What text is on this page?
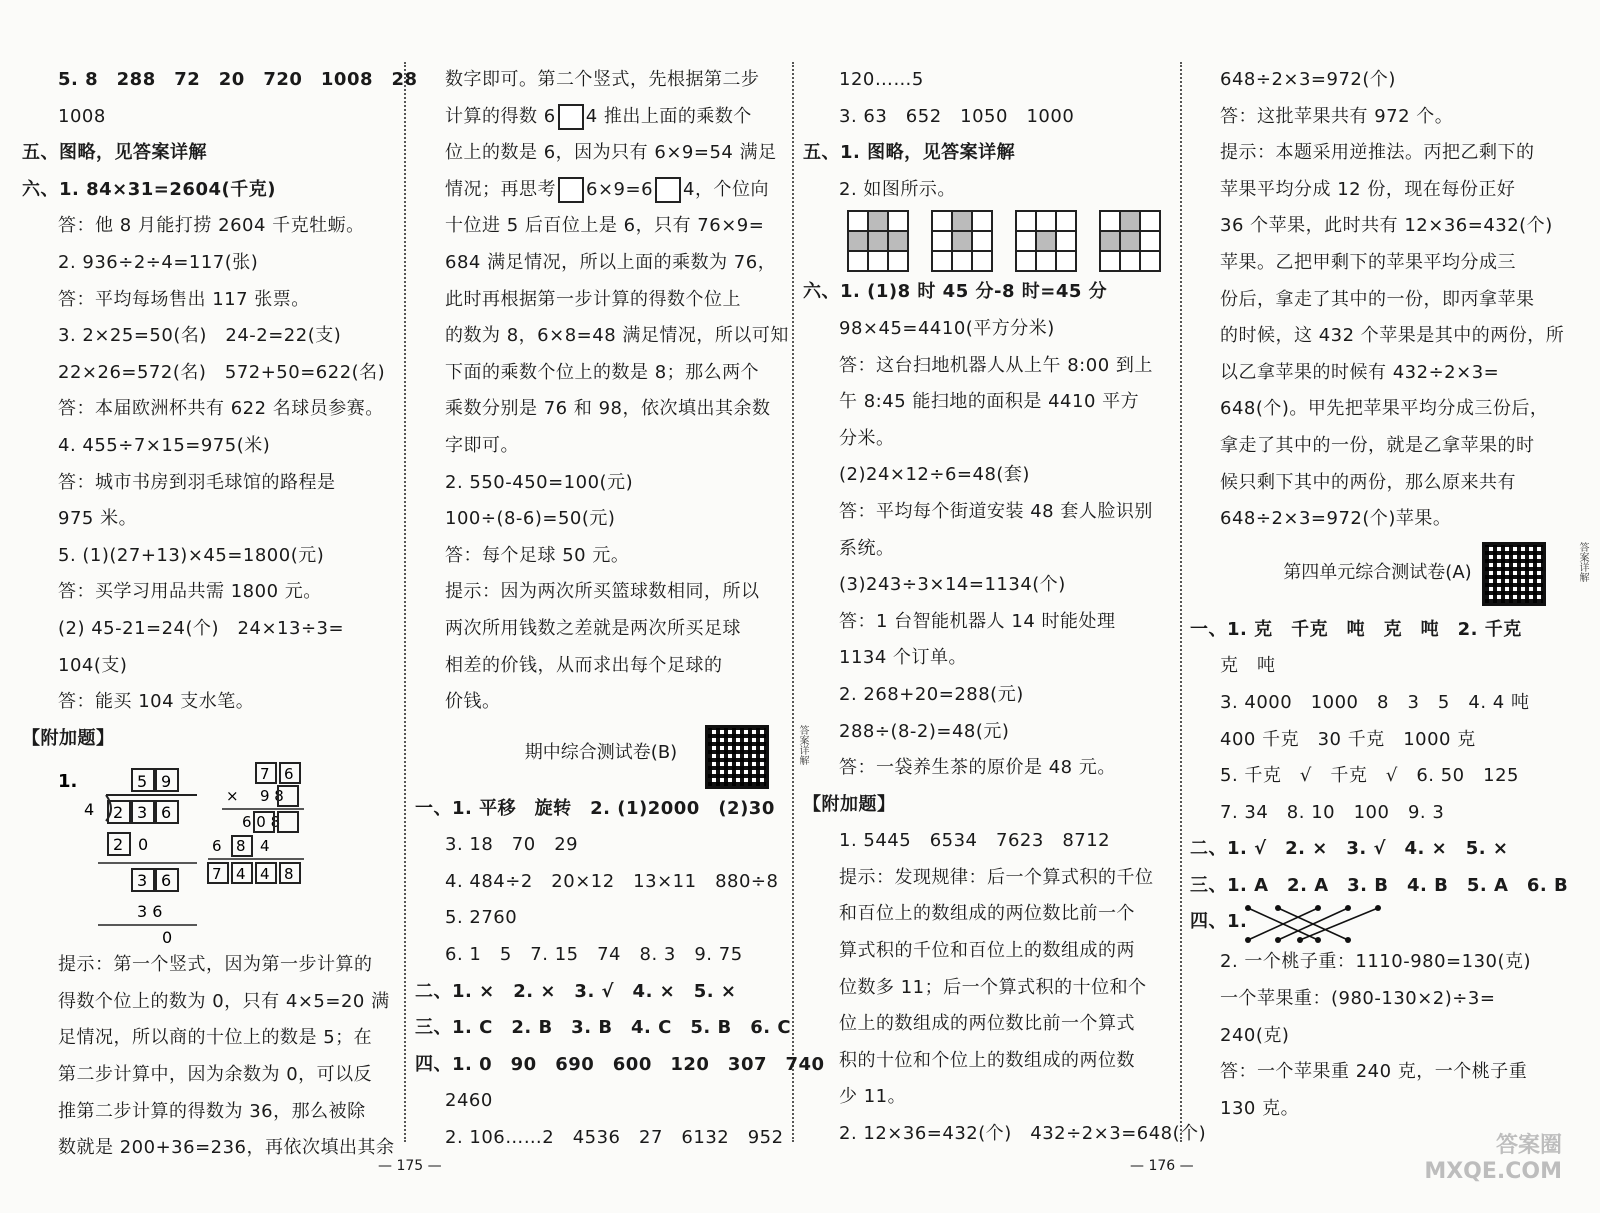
5. 8　288　72　20　720　1008　28
1008
五、图略，见答案详解
六、1. 84×31=2604(千克)
答：他 8 月能打捞 2604 千克牡蛎。
2. 936÷2÷4=117(张)
答：平均每场售出 117 张票。
3. 2×25=50(名)　24-2=22(支)
22×26=572(名)　572+50=622(名)
答：本届欧洲杯共有 622 名球员参赛。
4. 455÷7×15=975(米)
答：城市书房到羽毛球馆的路程是
975 米。
5. (1)(27+13)×45=1800(元)
答：买学习用品共需 1800 元。
(2) 45-21=24(个)　24×13÷3=
104(支)
答：能买 104 支水笔。
【附加题】
1.	5 9
4 2 3 6
2 0
3 6
3 6
0
7 6
× 9 8
6 0 8
6 8 4
7 4 4 8
提示：第一个竖式，因为第一步计算的
得数个位上的数为 0，只有 4×5=20 满
足情况，所以商的十位上的数是 5；在
第二步计算中，因为余数为 0，可以反
推第二步计算的得数为 36，那么被除
数就是 200+36=236，再依次填出其余
数字即可。第二个竖式，先根据第二步
计算的得数 6 4 推出上面的乘数个
位上的数是 6，因为只有 6×9=54 满足
情况；再思考 6×9=6 4，个位向
十位进 5 后百位上是 6，只有 76×9=
684 满足情况，所以上面的乘数为 76，
此时再根据第一步计算的得数个位上
的数为 8，6×8=48 满足情况，所以可知
下面的乘数个位上的数是 8；那么两个
乘数分别是 76 和 98，依次填出其余数
字即可。
2. 550-450=100(元)
100÷(8-6)=50(元)
答：每个足球 50 元。
提示：因为两次所买篮球数相同，所以
两次所用钱数之差就是两次所买足球
相差的价钱，从而求出每个足球的
价钱。
期中综合测试卷(B)	答案详解
一、1. 平移　旋转　2. (1)2000　(2)30
3. 18　70　29
4. 484÷2　20×12　13×11　880÷8
5. 2760
6. 1　5　7. 15　74　8. 3　9. 75
二、1. ×　2. ×　3. √　4. ×　5. ×
三、1. C　2. B　3. B　4. C　5. B　6. C
四、1. 0　90　690　600　120　307　740
2460
2. 106……2　4536　27　6132　952
120……5
3. 63　652　1050　1000
五、1. 图略，见答案详解
2. 如图所示。
六、1. (1)8 时 45 分-8 时=45 分
98×45=4410(平方分米)
答：这台扫地机器人从上午 8:00 到上
午 8:45 能扫地的面积是 4410 平方
分米。
(2)24×12÷6=48(套)
答：平均每个街道安装 48 套人脸识别
系统。
(3)243÷3×14=1134(个)
答：1 台智能机器人 14 时能处理
1134 个订单。
2. 268+20=288(元)
288÷(8-2)=48(元)
答：一袋养生茶的原价是 48 元。
【附加题】
1. 5445　6534　7623　8712
提示：发现规律：后一个算式积的千位
和百位上的数组成的两位数比前一个
算式积的千位和百位上的数组成的两
位数多 11；后一个算式积的十位和个
位上的数组成的两位数比前一个算式
积的十位和个位上的数组成的两位数
少 11。
2. 12×36=432(个)　432÷2×3=648(个)
648÷2×3=972(个)
答：这批苹果共有 972 个。
提示：本题采用逆推法。丙把乙剩下的
苹果平均分成 12 份，现在每份正好
36 个苹果，此时共有 12×36=432(个)
苹果。乙把甲剩下的苹果平均分成三
份后，拿走了其中的一份，即丙拿苹果
的时候，这 432 个苹果是其中的两份，所
以乙拿苹果的时候有 432÷2×3=
648(个)。甲先把苹果平均分成三份后，
拿走了其中的一份，就是乙拿苹果的时
候只剩下其中的两份，那么原来共有
648÷2×3=972(个)苹果。
第四单元综合测试卷(A)	答案详解
一、1. 克　千克　吨　克　吨　2. 千克
克　吨
3. 4000　1000　8　3　5　4. 4 吨
400 千克　30 千克　1000 克
5. 千克　√　千克　√　6. 50　125
7. 34　8. 10　100　9. 3
二、1. √　2. ×　3. √　4. ×　5. ×
三、1. A　2. A　3. B　4. B　5. A　6. B
四、1.
2. 一个桃子重：1110-980=130(克)
一个苹果重：(980-130×2)÷3=
240(克)
答：一个苹果重 240 克，一个桃子重
130 克。
— 175 —	— 176 —
答案圈
MXQE.COM
